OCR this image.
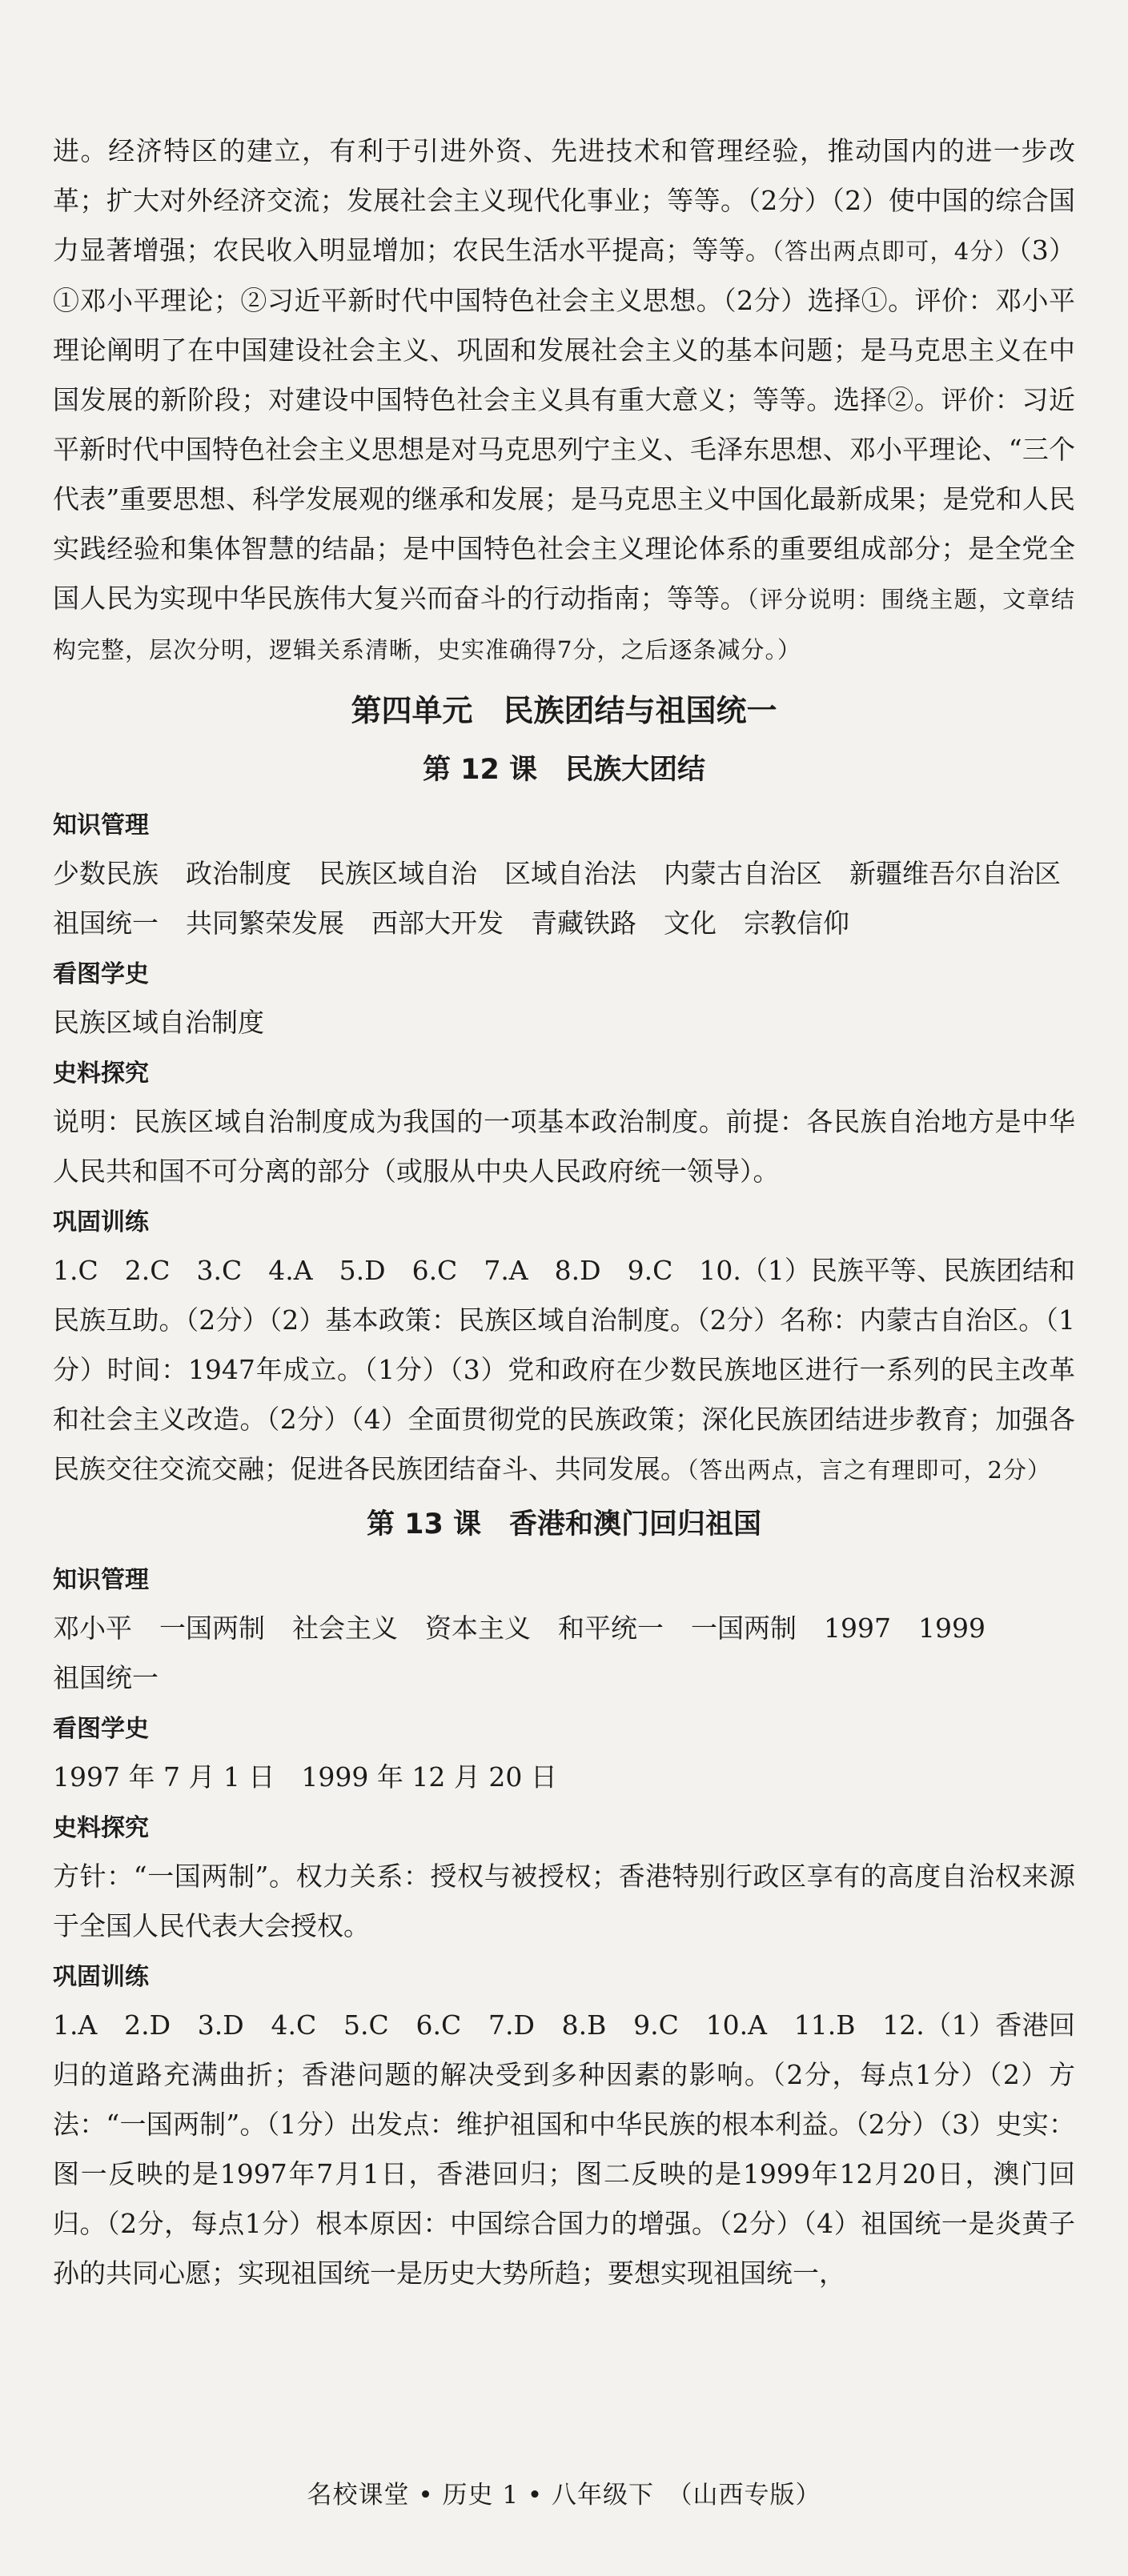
进。经济特区的建立，有利于引进外资、先进技术和管理经验，推动国内的进一步改革；扩大对外经济交流；发展社会主义现代化事业；等等。（2分）（2）使中国的综合国力显著增强；农民收入明显增加；农民生活水平提高；等等。（答出两点即可，4分）（3）①邓小平理论；②习近平新时代中国特色社会主义思想。（2分）选择①。评价：邓小平理论阐明了在中国建设社会主义、巩固和发展社会主义的基本问题；是马克思主义在中国发展的新阶段；对建设中国特色社会主义具有重大意义；等等。选择②。评价：习近平新时代中国特色社会主义思想是对马克思列宁主义、毛泽东思想、邓小平理论、“三个代表”重要思想、科学发展观的继承和发展；是马克思主义中国化最新成果；是党和人民实践经验和集体智慧的结晶；是中国特色社会主义理论体系的重要组成部分；是全党全国人民为实现中华民族伟大复兴而奋斗的行动指南；等等。（评分说明：围绕主题，文章结构完整，层次分明，逻辑关系清晰，史实准确得7分，之后逐条减分。）

第四单元　民族团结与祖国统一
第 12 课　民族大团结
知识管理
少数民族 政治制度 民族区域自治 区域自治法 内蒙古自治区 新疆维吾尔自治区
祖国统一 共同繁荣发展 西部大开发 青藏铁路 文化 宗教信仰
看图学史

民族区域自治制度

史料探究

说明：民族区域自治制度成为我国的一项基本政治制度。前提：各民族自治地方是中华人民共和国不可分离的部分（或服从中央人民政府统一领导）。

巩固训练

1.C　2.C　3.C　4.A　5.D　6.C　7.A　8.D　9.C　10.（1）民族平等、民族团结和民族互助。（2分）（2）基本政策：民族区域自治制度。（2分）名称：内蒙古自治区。（1分）时间：1947年成立。（1分）（3）党和政府在少数民族地区进行一系列的民主改革和社会主义改造。（2分）（4）全面贯彻党的民族政策；深化民族团结进步教育；加强各民族交往交流交融；促进各民族团结奋斗、共同发展。（答出两点，言之有理即可，2分）

第 13 课　香港和澳门回归祖国
知识管理
邓小平 一国两制 社会主义 资本主义 和平统一 一国两制 1997 1999
祖国统一
看图学史

1997 年 7 月 1 日　1999 年 12 月 20 日

史料探究

方针：“一国两制”。权力关系：授权与被授权；香港特别行政区享有的高度自治权来源于全国人民代表大会授权。

巩固训练

1.A　2.D　3.D　4.C　5.C　6.C　7.D　8.B　9.C　10.A　11.B　12.（1）香港回归的道路充满曲折；香港问题的解决受到多种因素的影响。（2分，每点1分）（2）方法：“一国两制”。（1分）出发点：维护祖国和中华民族的根本利益。（2分）（3）史实：图一反映的是1997年7月1日，香港回归；图二反映的是1999年12月20日，澳门回归。（2分，每点1分）根本原因：中国综合国力的增强。（2分）（4）祖国统一是炎黄子孙的共同心愿；实现祖国统一是历史大势所趋；要想实现祖国统一，

名校课堂 • 历史 1 • 八年级下　（山西专版）
